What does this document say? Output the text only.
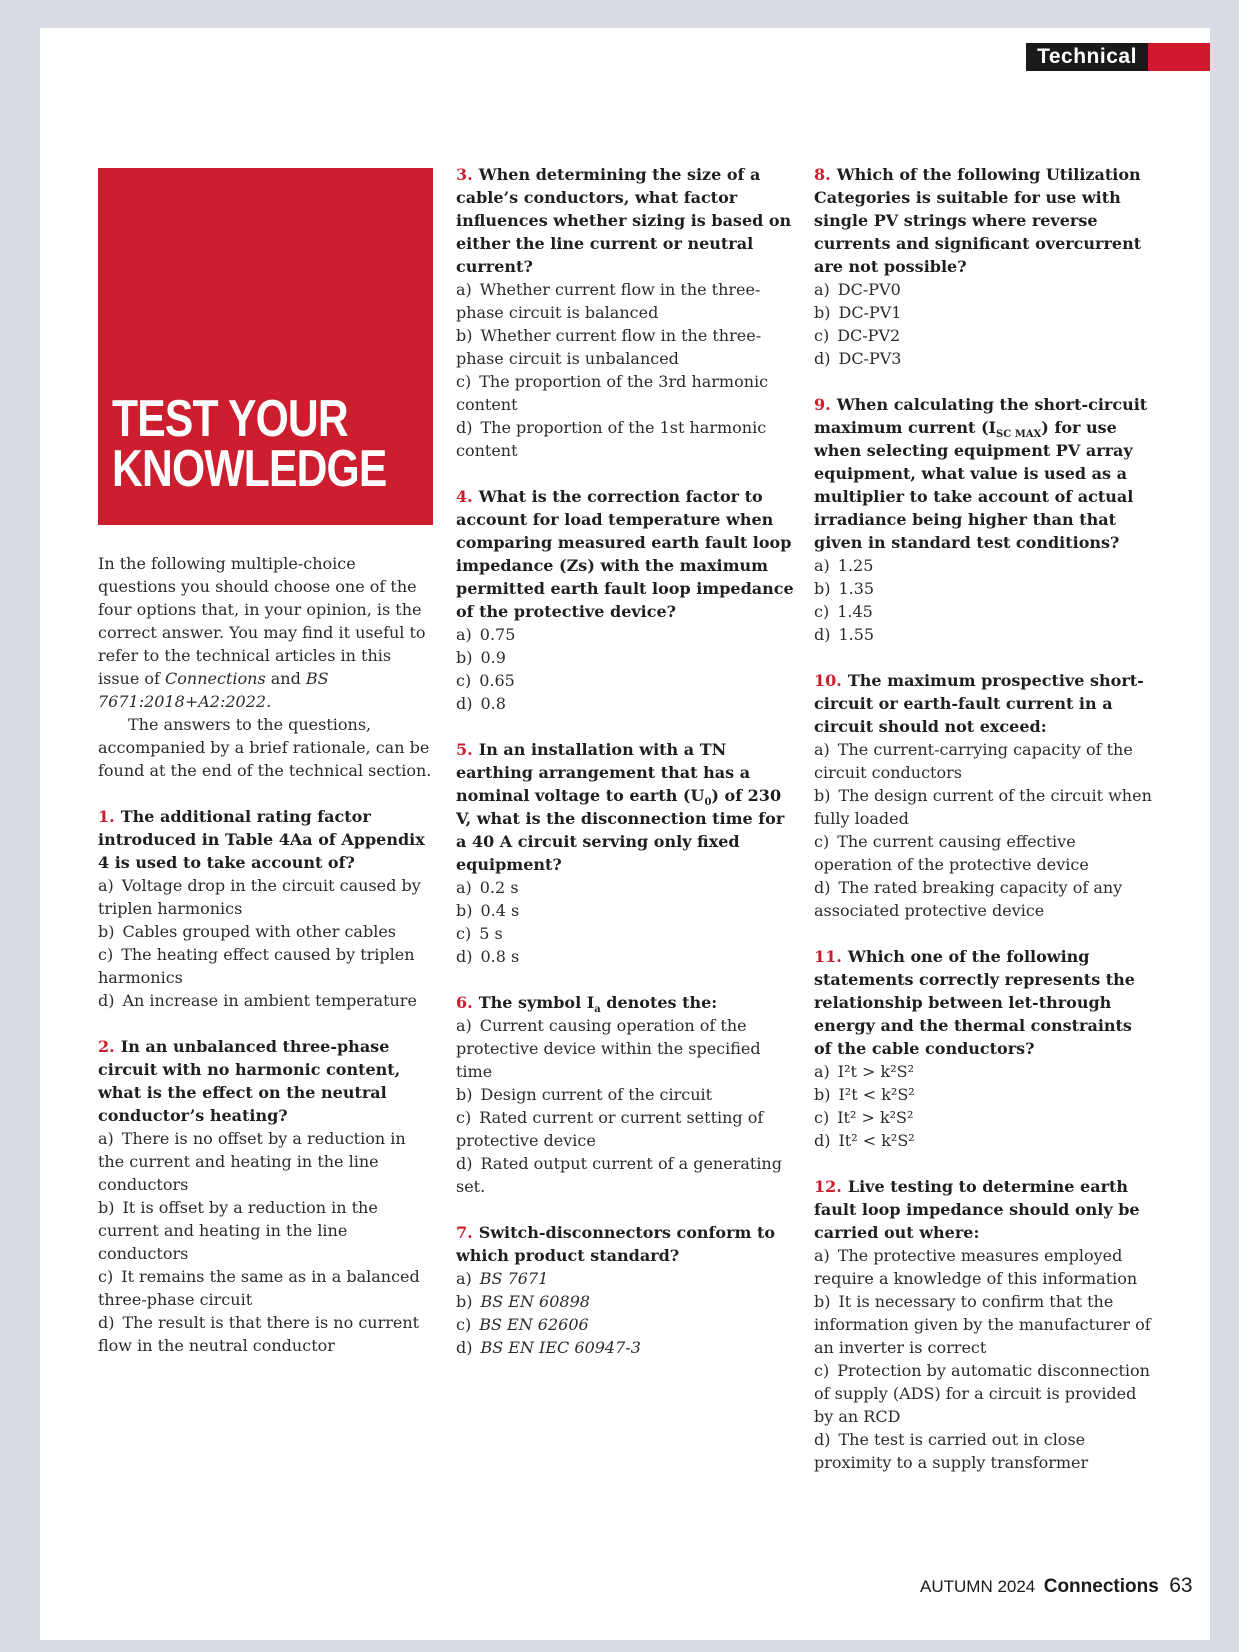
Technical
TEST YOUR
KNOWLEDGE

In the following multiple-choice questions you should choose one of the four options that, in your opinion, is the correct answer. You may find it useful to refer to the technical articles in this issue of Connections and BS 7671:2018+A2:2022.

The answers to the questions, accompanied by a brief rationale, can be found at the end of the technical section.

1. The additional rating factor introduced in Table 4Aa of Appendix 4 is used to take account of?

a) Voltage drop in the circuit caused by triplen harmonics

b) Cables grouped with other cables

c) The heating effect caused by triplen harmonics

d) An increase in ambient temperature

2. In an unbalanced three-phase circuit with no harmonic content, what is the effect on the neutral conductor’s heating?

a) There is no offset by a reduction in the current and heating in the line conductors

b) It is offset by a reduction in the current and heating in the line conductors

c) It remains the same as in a balanced three-phase circuit

d) The result is that there is no current flow in the neutral conductor

3. When determining the size of a cable’s conductors, what factor influences whether sizing is based on either the line current or neutral current?

a) Whether current flow in the three-phase circuit is balanced

b) Whether current flow in the three-phase circuit is unbalanced

c) The proportion of the 3rd harmonic content

d) The proportion of the 1st harmonic content

4. What is the correction factor to account for load temperature when comparing measured earth fault loop impedance (Zs) with the maximum permitted earth fault loop impedance of the protective device?

a) 0.75

b) 0.9

c) 0.65

d) 0.8

5. In an installation with a TN earthing arrangement that has a nominal voltage to earth $(U_0)$ of 230 V, what is the disconnection time for a 40 A circuit serving only fixed equipment?

a) 0.2 s

b) 0.4 s

c) 5 s

d) 0.8 s

6. The symbol $I_a$ denotes the:

a) Current causing operation of the protective device within the specified time

b) Design current of the circuit

c) Rated current or current setting of protective device

d) Rated output current of a generating set.

7. Switch-disconnectors conform to which product standard?

a) BS 7671

b) BS EN 60898

c) BS EN 62606

d) BS EN IEC 60947-3

8. Which of the following Utilization Categories is suitable for use with single PV strings where reverse currents and significant overcurrent are not possible?

a) DC-PV0

b) DC-PV1

c) DC-PV2

d) DC-PV3

9. When calculating the short-circuit maximum current $(I_{SC MAX})$ for use when selecting equipment PV array equipment, what value is used as a multiplier to take account of actual irradiance being higher than that given in standard test conditions?

a) 1.25

b) 1.35

c) 1.45

d) 1.55

10. The maximum prospective short-circuit or earth-fault current in a circuit should not exceed:

a) The current-carrying capacity of the circuit conductors

b) The design current of the circuit when fully loaded

c) The current causing effective operation of the protective device

d) The rated breaking capacity of any associated protective device

11. Which one of the following statements correctly represents the relationship between let-through energy and the thermal constraints of the cable conductors?

a) I²t > k²S²

b) I²t < k²S²

c) It² > k²S²

d) It² < k²S²

12. Live testing to determine earth fault loop impedance should only be carried out where:

a) The protective measures employed require a knowledge of this information

b) It is necessary to confirm that the information given by the manufacturer of an inverter is correct

c) Protection by automatic disconnection of supply (ADS) for a circuit is provided by an RCD

d) The test is carried out in close proximity to a supply transformer

AUTUMN 2024 Connections 63
